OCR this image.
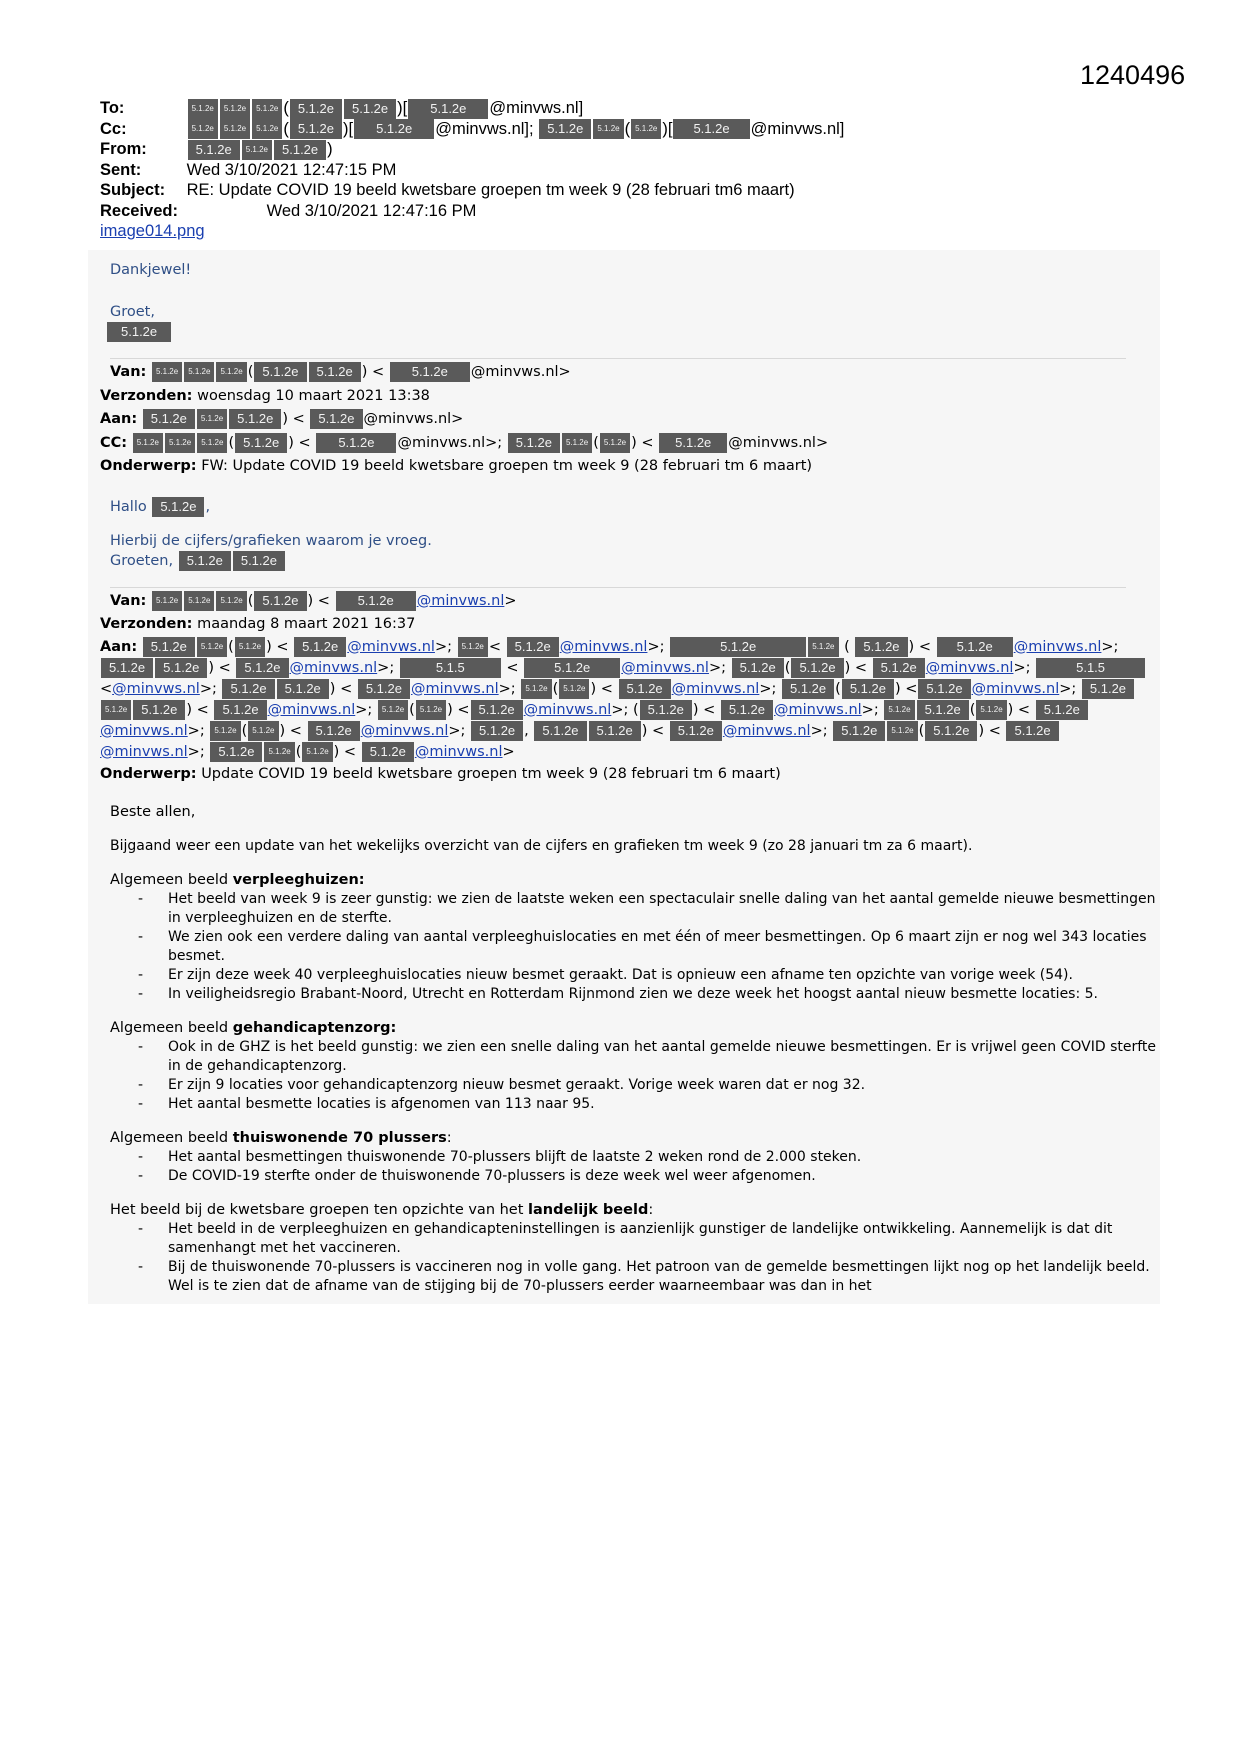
1240496
To:	5.1.2e 5.1.2e 5.1.2e ( 5.1.2e 5.1.2e )[ 5.1.2e @minvws.nl]
Cc:	5.1.2e 5.1.2e 5.1.2e ( 5.1.2e )[ 5.1.2e @minvws.nl]; 5.1.2e 5.1.2e ( 5.1.2e )[ 5.1.2e @minvws.nl]
From:	5.1.2e 5.1.2e 5.1.2e )
Sent:	Wed 3/10/2021 12:47:15 PM
Subject: RE: Update COVID 19 beeld kwetsbare groepen tm week 9 (28 februari tm6 maart)
Received:	Wed 3/10/2021 12:47:16 PM
image014.png
Dankjewel!
Groet,
5.1.2e
Van: 5.1.2e 5.1.2e 5.1.2e ( 5.1.2e 5.1.2e ) < 5.1.2e @minvws.nl>
Verzonden: woensdag 10 maart 2021 13:38
Aan: 5.1.2e 5.1.2e 5.1.2e ) < 5.1.2e @minvws.nl>
CC: 5.1.2e 5.1.2e 5.1.2e ( 5.1.2e ) < 5.1.2e @minvws.nl>; 5.1.2e 5.1.2e ( 5.1.2e ) < 5.1.2e @minvws.nl>
Onderwerp: FW: Update COVID 19 beeld kwetsbare groepen tm week 9 (28 februari tm 6 maart)
Hallo 5.1.2e ,
Hierbij de cijfers/grafieken waarom je vroeg.
Groeten, 5.1.2e 5.1.2e
Van: 5.1.2e 5.1.2e 5.1.2e ( 5.1.2e ) < 5.1.2e @minvws.nl>
Verzonden: maandag 8 maart 2021 16:37
Aan: 5.1.2e 5.1.2e ( 5.1.2e ) < 5.1.2e @minvws.nl>; 5.1.2e < 5.1.2e @minvws.nl>;	5.1.2e	5.1.2e ( 5.1.2e ) < 5.1.2e @minvws.nl>; 5.1.2e 5.1.2e ) < 5.1.2e @minvws.nl>;	5.1.5	< 5.1.2e @minvws.nl>; 5.1.2e ( 5.1.2e ) < 5.1.2e @minvws.nl>;	5.1.5 <@minvws.nl>; 5.1.2e 5.1.2e ) < 5.1.2e @minvws.nl>; 5.1.2e ( 5.1.2e ) < 5.1.2e @minvws.nl>; 5.1.2e ( 5.1.2e ) < 5.1.2e @minvws.nl>; 5.1.2e5.1.2e 5.1.2e ) < 5.1.2e @minvws.nl>; 5.1.2e ( 5.1.2e ) < 5.1.2e @minvws.nl>; ( 5.1.2e ) < 5.1.2e @minvws.nl>; 5.1.2e 5.1.2e ( 5.1.2e ) < 5.1.2e@minvws.nl>; 5.1.2e ( 5.1.2e ) < 5.1.2e @minvws.nl>; 5.1.2e , 5.1.2e 5.1.2e ) < 5.1.2e @minvws.nl>; 5.1.2e 5.1.2e ( 5.1.2e ) < 5.1.2e@minvws.nl>; 5.1.2e 5.1.2e ( 5.1.2e ) < 5.1.2e @minvws.nl>
Onderwerp: Update COVID 19 beeld kwetsbare groepen tm week 9 (28 februari tm 6 maart)
Beste allen,
Bijgaand weer een update van het wekelijks overzicht van de cijfers en grafieken tm week 9 (zo 28 januari tm za 6 maart).
Algemeen beeld verpleeghuizen:
- Het beeld van week 9 is zeer gunstig: we zien de laatste weken een spectaculair snelle daling van het aantal gemelde nieuwe besmettingen in verpleeghuizen en de sterfte.
- We zien ook een verdere daling van aantal verpleeghuislocaties en met één of meer besmettingen. Op 6 maart zijn er nog wel 343 locaties besmet.
- Er zijn deze week 40 verpleeghuislocaties nieuw besmet geraakt. Dat is opnieuw een afname ten opzichte van vorige week (54).
- In veiligheidsregio Brabant-Noord, Utrecht en Rotterdam Rijnmond zien we deze week het hoogst aantal nieuw besmette locaties: 5.
Algemeen beeld gehandicaptenzorg:
- Ook in de GHZ is het beeld gunstig: we zien een snelle daling van het aantal gemelde nieuwe besmettingen. Er is vrijwel geen COVID sterfte in de gehandicaptenzorg.
- Er zijn 9 locaties voor gehandicaptenzorg nieuw besmet geraakt. Vorige week waren dat er nog 32.
- Het aantal besmette locaties is afgenomen van 113 naar 95.
Algemeen beeld thuiswonende 70 plussers:
- Het aantal besmettingen thuiswonende 70-plussers blijft de laatste 2 weken rond de 2.000 steken.
- De COVID-19 sterfte onder de thuiswonende 70-plussers is deze week wel weer afgenomen.
Het beeld bij de kwetsbare groepen ten opzichte van het landelijk beeld:
- Het beeld in de verpleeghuizen en gehandicapteninstellingen is aanzienlijk gunstiger de landelijke ontwikkeling. Aannemelijk is dat dit samenhangt met het vaccineren.
- Bij de thuiswonende 70-plussers is vaccineren nog in volle gang. Het patroon van de gemelde besmettingen lijkt nog op het landelijk beeld. Wel is te zien dat de afname van de stijging bij de 70-plussers eerder waarneembaar was dan in het
